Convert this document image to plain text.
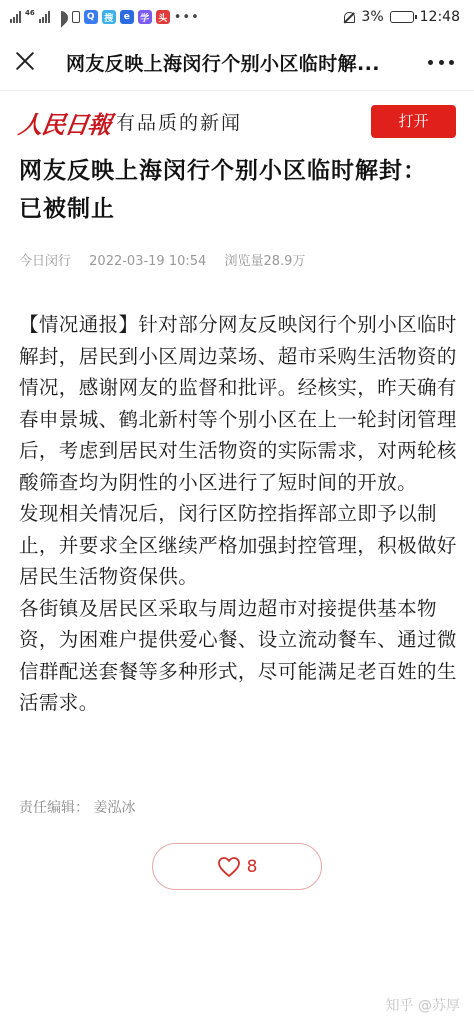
46	Q	搜	e	学 头 •••	3%	12:48
网友反映上海闵行个别小区临时解...
人民日報 有品质的新闻	打开
网友反映上海闵行个别小区临时解封：已被制止
今日闵行 2022-03-19 10:54 浏览量28.9万

【情况通报】针对部分网友反映闵行个别小区临时解封，居民到小区周边菜场、超市采购生活物资的情况，感谢网友的监督和批评。经核实，昨天确有春申景城、鹤北新村等个别小区在上一轮封闭管理后，考虑到居民对生活物资的实际需求，对两轮核酸筛查均为阴性的小区进行了短时间的开放。

发现相关情况后，闵行区防控指挥部立即予以制止，并要求全区继续严格加强封控管理，积极做好居民生活物资保供。

各街镇及居民区采取与周边超市对接提供基本物资，为困难户提供爱心餐、设立流动餐车、通过微信群配送套餐等多种形式，尽可能满足老百姓的生活需求。

责任编辑： 姜泓冰
8
知乎 @苏厚
